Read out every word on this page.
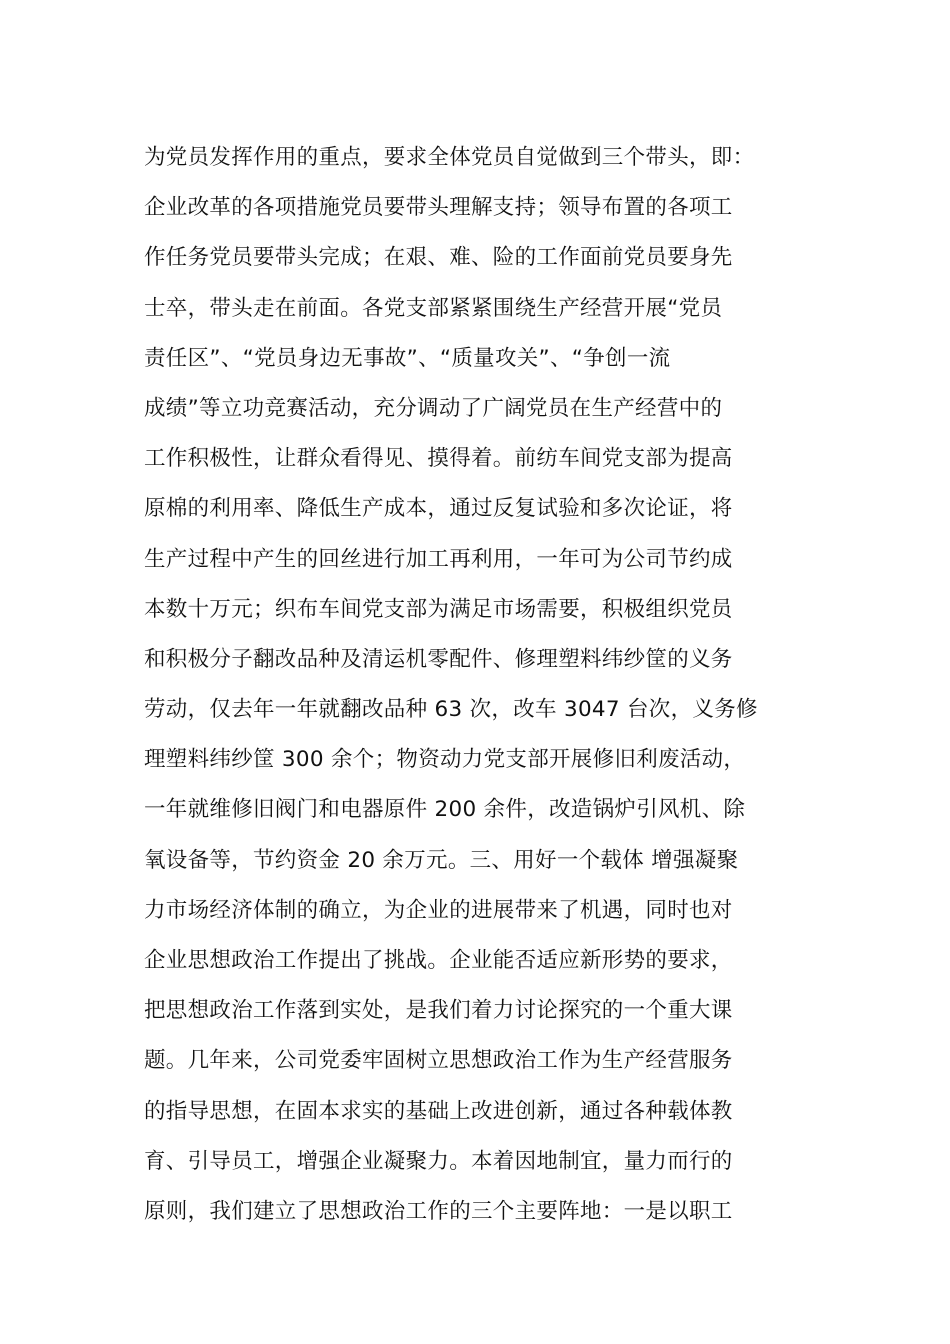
为党员发挥作用的重点，要求全体党员自觉做到三个带头，即：
企业改革的各项措施党员要带头理解支持；领导布置的各项工
作任务党员要带头完成；在艰、难、险的工作面前党员要身先
士卒，带头走在前面。各党支部紧紧围绕生产经营开展“党员
责任区”、“党员身边无事故”、“质量攻关”、“争创一流
成绩”等立功竞赛活动，充分调动了广阔党员在生产经营中的
工作积极性，让群众看得见、摸得着。前纺车间党支部为提高
原棉的利用率、降低生产成本，通过反复试验和多次论证，将
生产过程中产生的回丝进行加工再利用，一年可为公司节约成
本数十万元；织布车间党支部为满足市场需要，积极组织党员
和积极分子翻改品种及清运机零配件、修理塑料纬纱筐的义务
劳动，仅去年一年就翻改品种 63 次，改车 3047 台次，义务修
理塑料纬纱筐 300 余个；物资动力党支部开展修旧利废活动，
一年就维修旧阀门和电器原件 200 余件，改造锅炉引风机、除
氧设备等，节约资金 20 余万元。三、用好一个载体 增强凝聚
力市场经济体制的确立，为企业的进展带来了机遇，同时也对
企业思想政治工作提出了挑战。企业能否适应新形势的要求，
把思想政治工作落到实处，是我们着力讨论探究的一个重大课
题。几年来，公司党委牢固树立思想政治工作为生产经营服务
的指导思想，在固本求实的基础上改进创新，通过各种载体教
育、引导员工，增强企业凝聚力。本着因地制宜，量力而行的
原则，我们建立了思想政治工作的三个主要阵地：一是以职工
